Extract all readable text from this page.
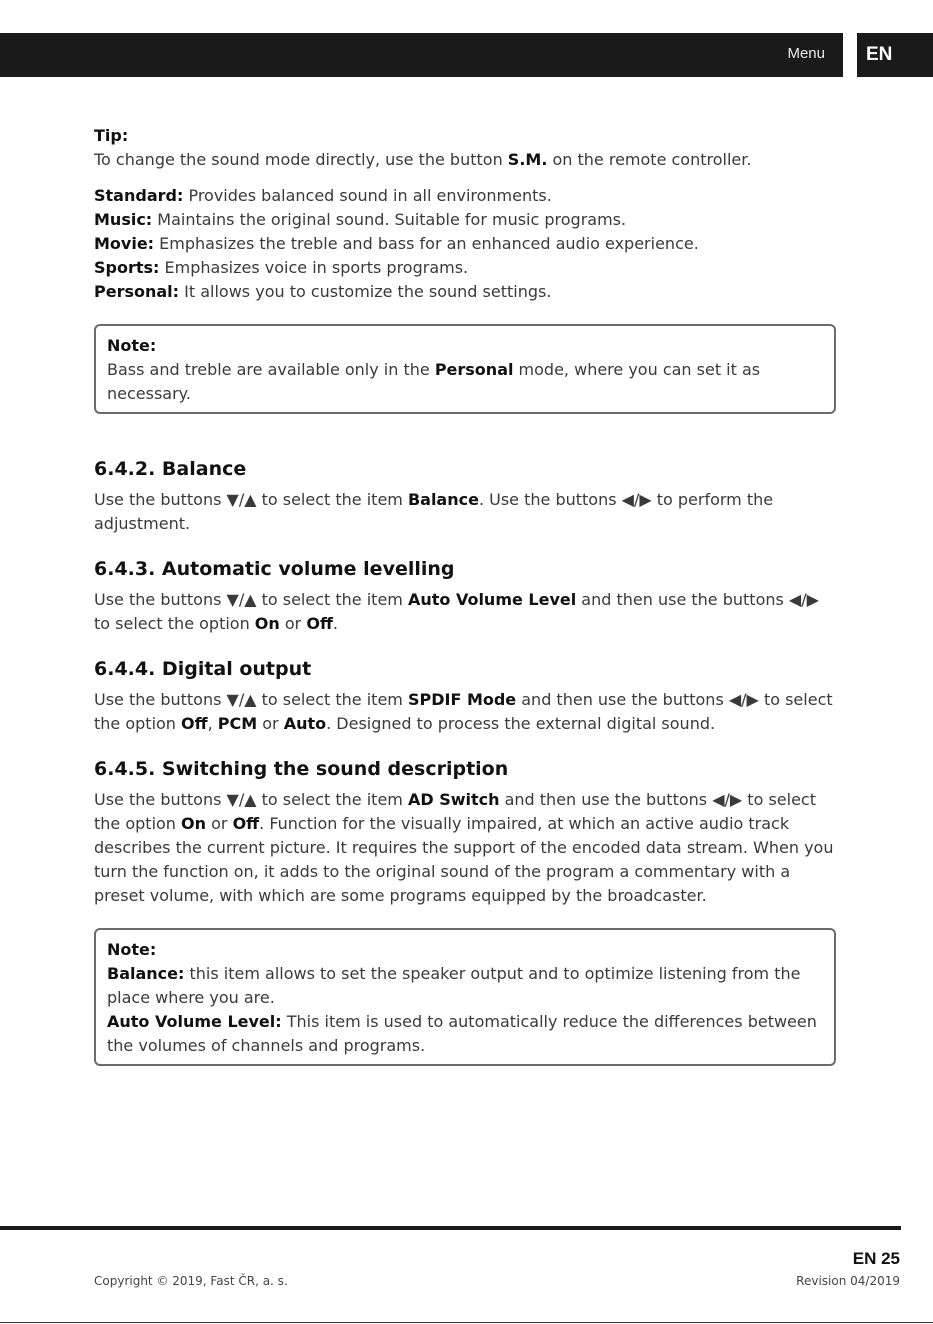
Menu	EN

Tip:

To change the sound mode directly, use the button S.M. on the remote controller.

Standard: Provides balanced sound in all environments.

Music: Maintains the original sound. Suitable for music programs.

Movie: Emphasizes the treble and bass for an enhanced audio experience.

Sports: Emphasizes voice in sports programs.

Personal: It allows you to customize the sound settings.

Note:

Bass and treble are available only in the Personal mode, where you can set it as necessary.

6.4.2. Balance

Use the buttons ▼/▲ to select the item Balance. Use the buttons ◀/▶ to perform the adjustment.

6.4.3. Automatic volume levelling

Use the buttons ▼/▲ to select the item Auto Volume Level and then use the buttons ◀/▶ to select the option On or Off.

6.4.4. Digital output

Use the buttons ▼/▲ to select the item SPDIF Mode and then use the buttons ◀/▶ to select the option Off, PCM or Auto. Designed to process the external digital sound.

6.4.5. Switching the sound description

Use the buttons ▼/▲ to select the item AD Switch and then use the buttons ◀/▶ to select the option On or Off. Function for the visually impaired, at which an active audio track describes the current picture. It requires the support of the encoded data stream. When you turn the function on, it adds to the original sound of the program a commentary with a preset volume, with which are some programs equipped by the broadcaster.

Note:

Balance: this item allows to set the speaker output and to optimize listening from the place where you are.

Auto Volume Level: This item is used to automatically reduce the differences between the volumes of channels and programs.

EN 25
Copyright © 2019, Fast ČR, a. s.	Revision 04/2019
